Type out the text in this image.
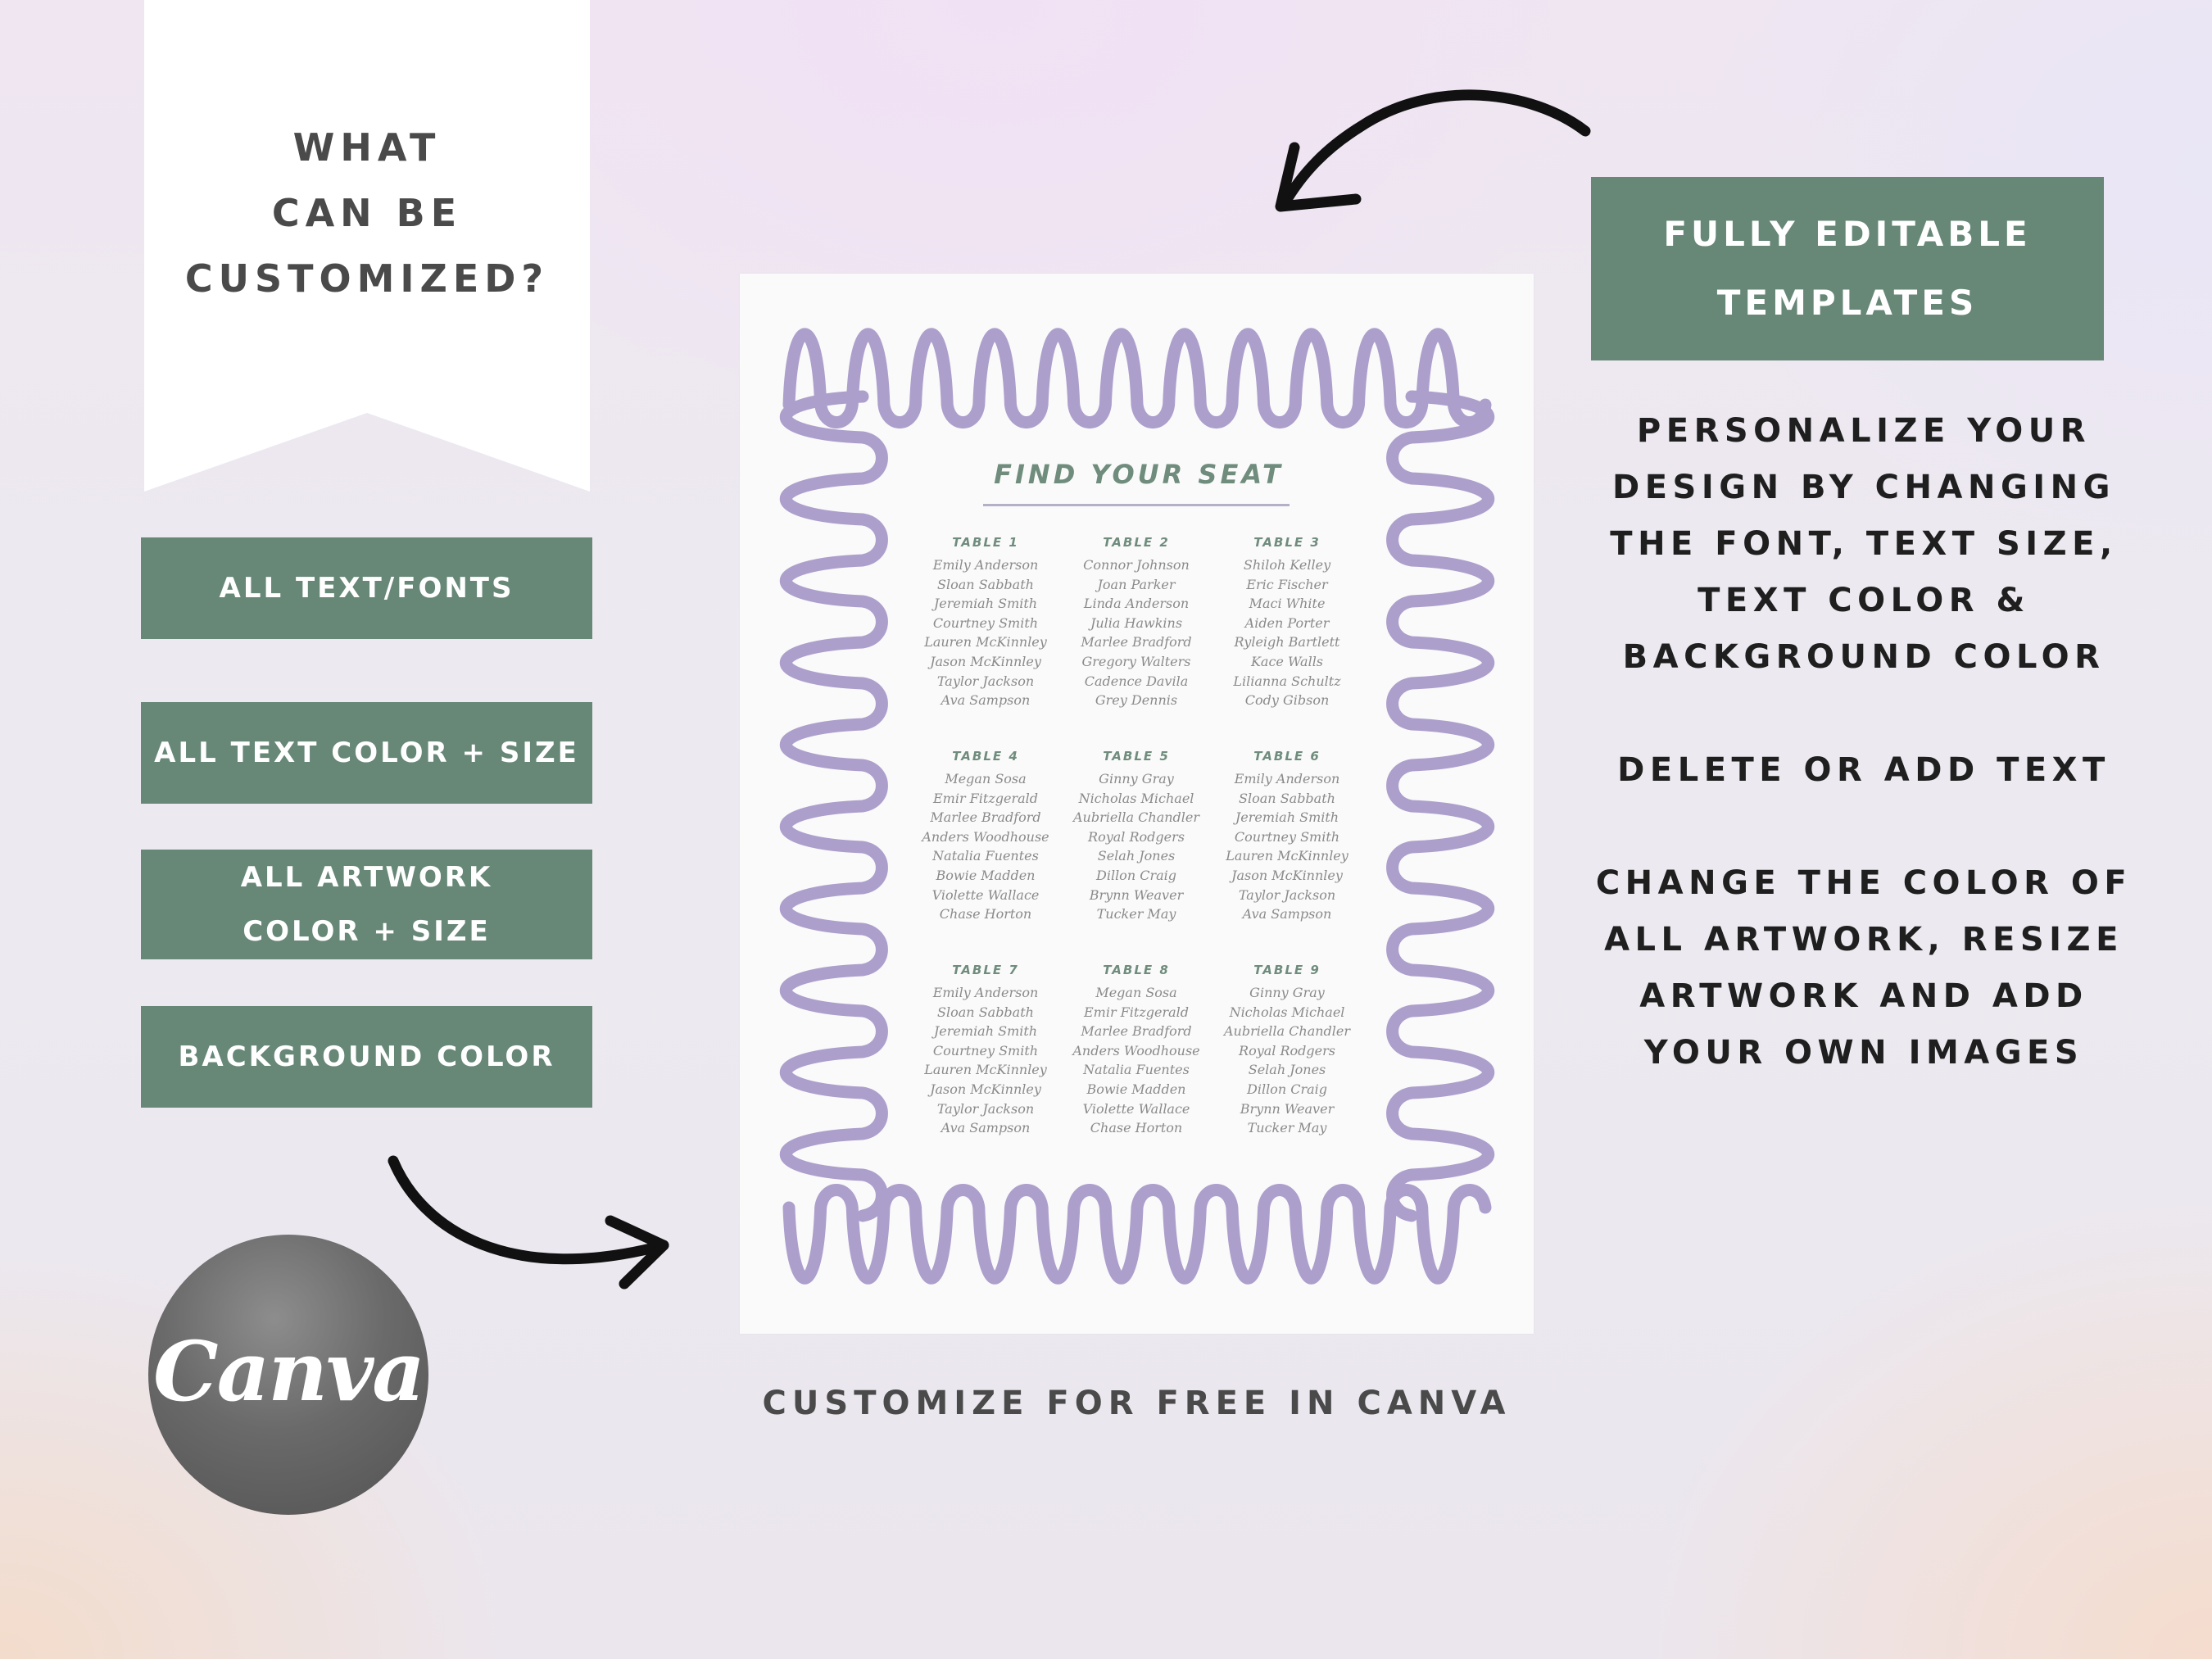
WHAT
CAN BE
CUSTOMIZED?
ALL TEXT/FONTS
ALL TEXT COLOR + SIZE
ALL ARTWORK
COLOR + SIZE
BACKGROUND COLOR
Canva
FIND YOUR SEAT
TABLE 1
Emily Anderson
Sloan Sabbath
Jeremiah Smith
Courtney Smith
Lauren McKinnley
Jason McKinnley
Taylor Jackson
Ava Sampson
TABLE 2
Connor Johnson
Joan Parker
Linda Anderson
Julia Hawkins
Marlee Bradford
Gregory Walters
Cadence Davila
Grey Dennis
TABLE 3
Shiloh Kelley
Eric Fischer
Maci White
Aiden Porter
Ryleigh Bartlett
Kace Walls
Lilianna Schultz
Cody Gibson
TABLE 4
Megan Sosa
Emir Fitzgerald
Marlee Bradford
Anders Woodhouse
Natalia Fuentes
Bowie Madden
Violette Wallace
Chase Horton
TABLE 5
Ginny Gray
Nicholas Michael
Aubriella Chandler
Royal Rodgers
Selah Jones
Dillon Craig
Brynn Weaver
Tucker May
TABLE 6
Emily Anderson
Sloan Sabbath
Jeremiah Smith
Courtney Smith
Lauren McKinnley
Jason McKinnley
Taylor Jackson
Ava Sampson
TABLE 7
Emily Anderson
Sloan Sabbath
Jeremiah Smith
Courtney Smith
Lauren McKinnley
Jason McKinnley
Taylor Jackson
Ava Sampson
TABLE 8
Megan Sosa
Emir Fitzgerald
Marlee Bradford
Anders Woodhouse
Natalia Fuentes
Bowie Madden
Violette Wallace
Chase Horton
TABLE 9
Ginny Gray
Nicholas Michael
Aubriella Chandler
Royal Rodgers
Selah Jones
Dillon Craig
Brynn Weaver
Tucker May
CUSTOMIZE FOR FREE IN CANVA
FULLY EDITABLE
TEMPLATES
PERSONALIZE YOUR
DESIGN BY CHANGING
THE FONT, TEXT SIZE,
TEXT COLOR &
BACKGROUND COLOR
DELETE OR ADD TEXT
CHANGE THE COLOR OF
ALL ARTWORK, RESIZE
ARTWORK AND ADD
YOUR OWN IMAGES
